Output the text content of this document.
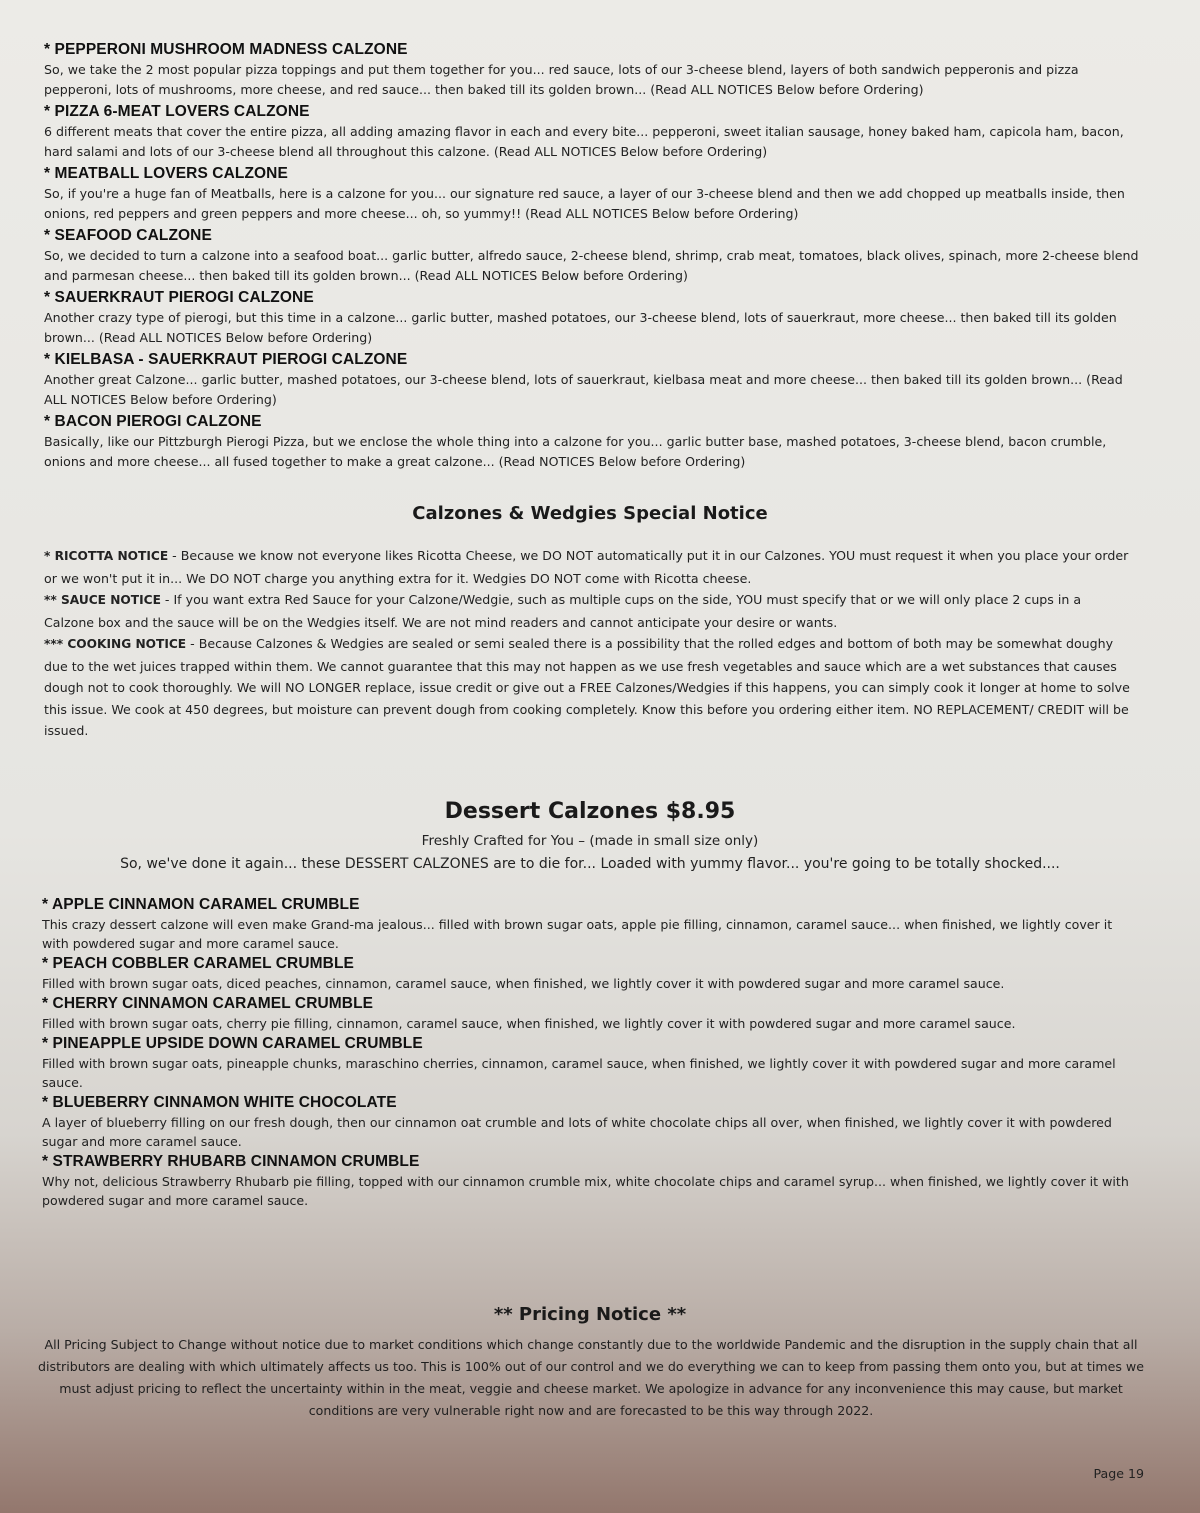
* PEPPERONI MUSHROOM MADNESS CALZONE

So, we take the 2 most popular pizza toppings and put them together for you... red sauce, lots of our 3-cheese blend, layers of both sandwich pepperonis and pizza pepperoni, lots of mushrooms, more cheese, and red sauce... then baked till its golden brown... (Read ALL NOTICES Below before Ordering)

* PIZZA 6-MEAT LOVERS CALZONE

6 different meats that cover the entire pizza, all adding amazing flavor in each and every bite... pepperoni, sweet italian sausage, honey baked ham, capicola ham, bacon, hard salami and lots of our 3-cheese blend all throughout this calzone. (Read ALL NOTICES Below before Ordering)

* MEATBALL LOVERS CALZONE

So, if you're a huge fan of Meatballs, here is a calzone for you... our signature red sauce, a layer of our 3-cheese blend and then we add chopped up meatballs inside, then onions, red peppers and green peppers and more cheese... oh, so yummy!! (Read ALL NOTICES Below before Ordering)

* SEAFOOD CALZONE

So, we decided to turn a calzone into a seafood boat... garlic butter, alfredo sauce, 2-cheese blend, shrimp, crab meat, tomatoes, black olives, spinach, more 2-cheese blend and parmesan cheese... then baked till its golden brown... (Read ALL NOTICES Below before Ordering)

* SAUERKRAUT PIEROGI CALZONE

Another crazy type of pierogi, but this time in a calzone... garlic butter, mashed potatoes, our 3-cheese blend, lots of sauerkraut, more cheese... then baked till its golden brown... (Read ALL NOTICES Below before Ordering)

* KIELBASA - SAUERKRAUT PIEROGI CALZONE

Another great Calzone... garlic butter, mashed potatoes, our 3-cheese blend, lots of sauerkraut, kielbasa meat and more cheese... then baked till its golden brown... (Read ALL NOTICES Below before Ordering)

* BACON PIEROGI CALZONE

Basically, like our Pittzburgh Pierogi Pizza, but we enclose the whole thing into a calzone for you... garlic butter base, mashed potatoes, 3-cheese blend, bacon crumble, onions and more cheese... all fused together to make a great calzone... (Read NOTICES Below before Ordering)

Calzones & Wedgies Special Notice

* RICOTTA NOTICE - Because we know not everyone likes Ricotta Cheese, we DO NOT automatically put it in our Calzones. YOU must request it when you place your order or we won't put it in... We DO NOT charge you anything extra for it. Wedgies DO NOT come with Ricotta cheese.

** SAUCE NOTICE - If you want extra Red Sauce for your Calzone/Wedgie, such as multiple cups on the side, YOU must specify that or we will only place 2 cups in a Calzone box and the sauce will be on the Wedgies itself. We are not mind readers and cannot anticipate your desire or wants.

*** COOKING NOTICE - Because Calzones & Wedgies are sealed or semi sealed there is a possibility that the rolled edges and bottom of both may be somewhat doughy due to the wet juices trapped within them. We cannot guarantee that this may not happen as we use fresh vegetables and sauce which are a wet substances that causes dough not to cook thoroughly. We will NO LONGER replace, issue credit or give out a FREE Calzones/Wedgies if this happens, you can simply cook it longer at home to solve this issue. We cook at 450 degrees, but moisture can prevent dough from cooking completely. Know this before you ordering either item. NO REPLACEMENT/ CREDIT will be issued.

Dessert Calzones $8.95
Freshly Crafted for You – (made in small size only)
So, we've done it again... these DESSERT CALZONES are to die for... Loaded with yummy flavor... you're going to be totally shocked....

* APPLE CINNAMON CARAMEL CRUMBLE

This crazy dessert calzone will even make Grand-ma jealous... filled with brown sugar oats, apple pie filling, cinnamon, caramel sauce... when finished, we lightly cover it with powdered sugar and more caramel sauce.

* PEACH COBBLER CARAMEL CRUMBLE

Filled with brown sugar oats, diced peaches, cinnamon, caramel sauce, when finished, we lightly cover it with powdered sugar and more caramel sauce.

* CHERRY CINNAMON CARAMEL CRUMBLE

Filled with brown sugar oats, cherry pie filling, cinnamon, caramel sauce, when finished, we lightly cover it with powdered sugar and more caramel sauce.

* PINEAPPLE UPSIDE DOWN CARAMEL CRUMBLE

Filled with brown sugar oats, pineapple chunks, maraschino cherries, cinnamon, caramel sauce, when finished, we lightly cover it with powdered sugar and more caramel sauce.

* BLUEBERRY CINNAMON WHITE CHOCOLATE

A layer of blueberry filling on our fresh dough, then our cinnamon oat crumble and lots of white chocolate chips all over, when finished, we lightly cover it with powdered sugar and more caramel sauce.

* STRAWBERRY RHUBARB CINNAMON CRUMBLE

Why not, delicious Strawberry Rhubarb pie filling, topped with our cinnamon crumble mix, white chocolate chips and caramel syrup... when finished, we lightly cover it with powdered sugar and more caramel sauce.

** Pricing Notice **
All Pricing Subject to Change without notice due to market conditions which change constantly due to the worldwide Pandemic and the disruption in the supply chain that all distributors are dealing with which ultimately affects us too. This is 100% out of our control and we do everything we can to keep from passing them onto you, but at times we must adjust pricing to reflect the uncertainty within in the meat, veggie and cheese market. We apologize in advance for any inconvenience this may cause, but market conditions are very vulnerable right now and are forecasted to be this way through 2022.
Page 19
